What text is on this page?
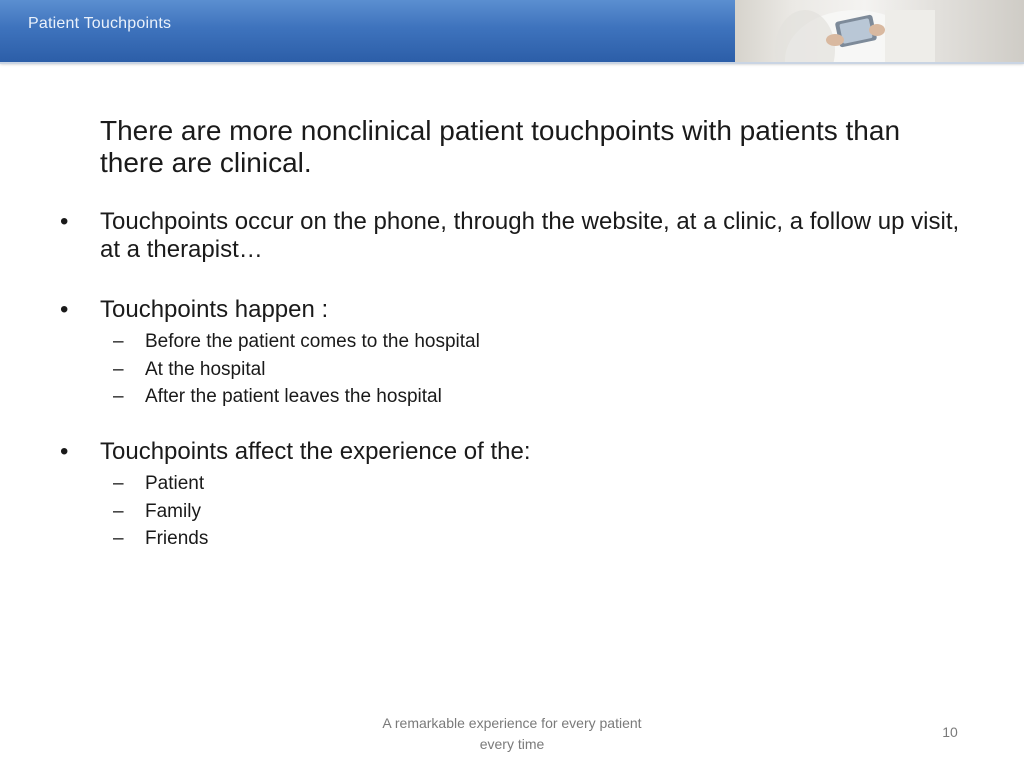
Patient Touchpoints
There are more nonclinical patient touchpoints with patients than there are clinical.
• Touchpoints occur on the phone, through the website, at a clinic, a follow up visit, at a therapist…
• Touchpoints happen :
– Before the patient comes to the hospital
– At the hospital
– After the patient leaves the hospital
• Touchpoints affect the experience of the:
– Patient
– Family
– Friends
A remarkable experience for every patient
every time
10
